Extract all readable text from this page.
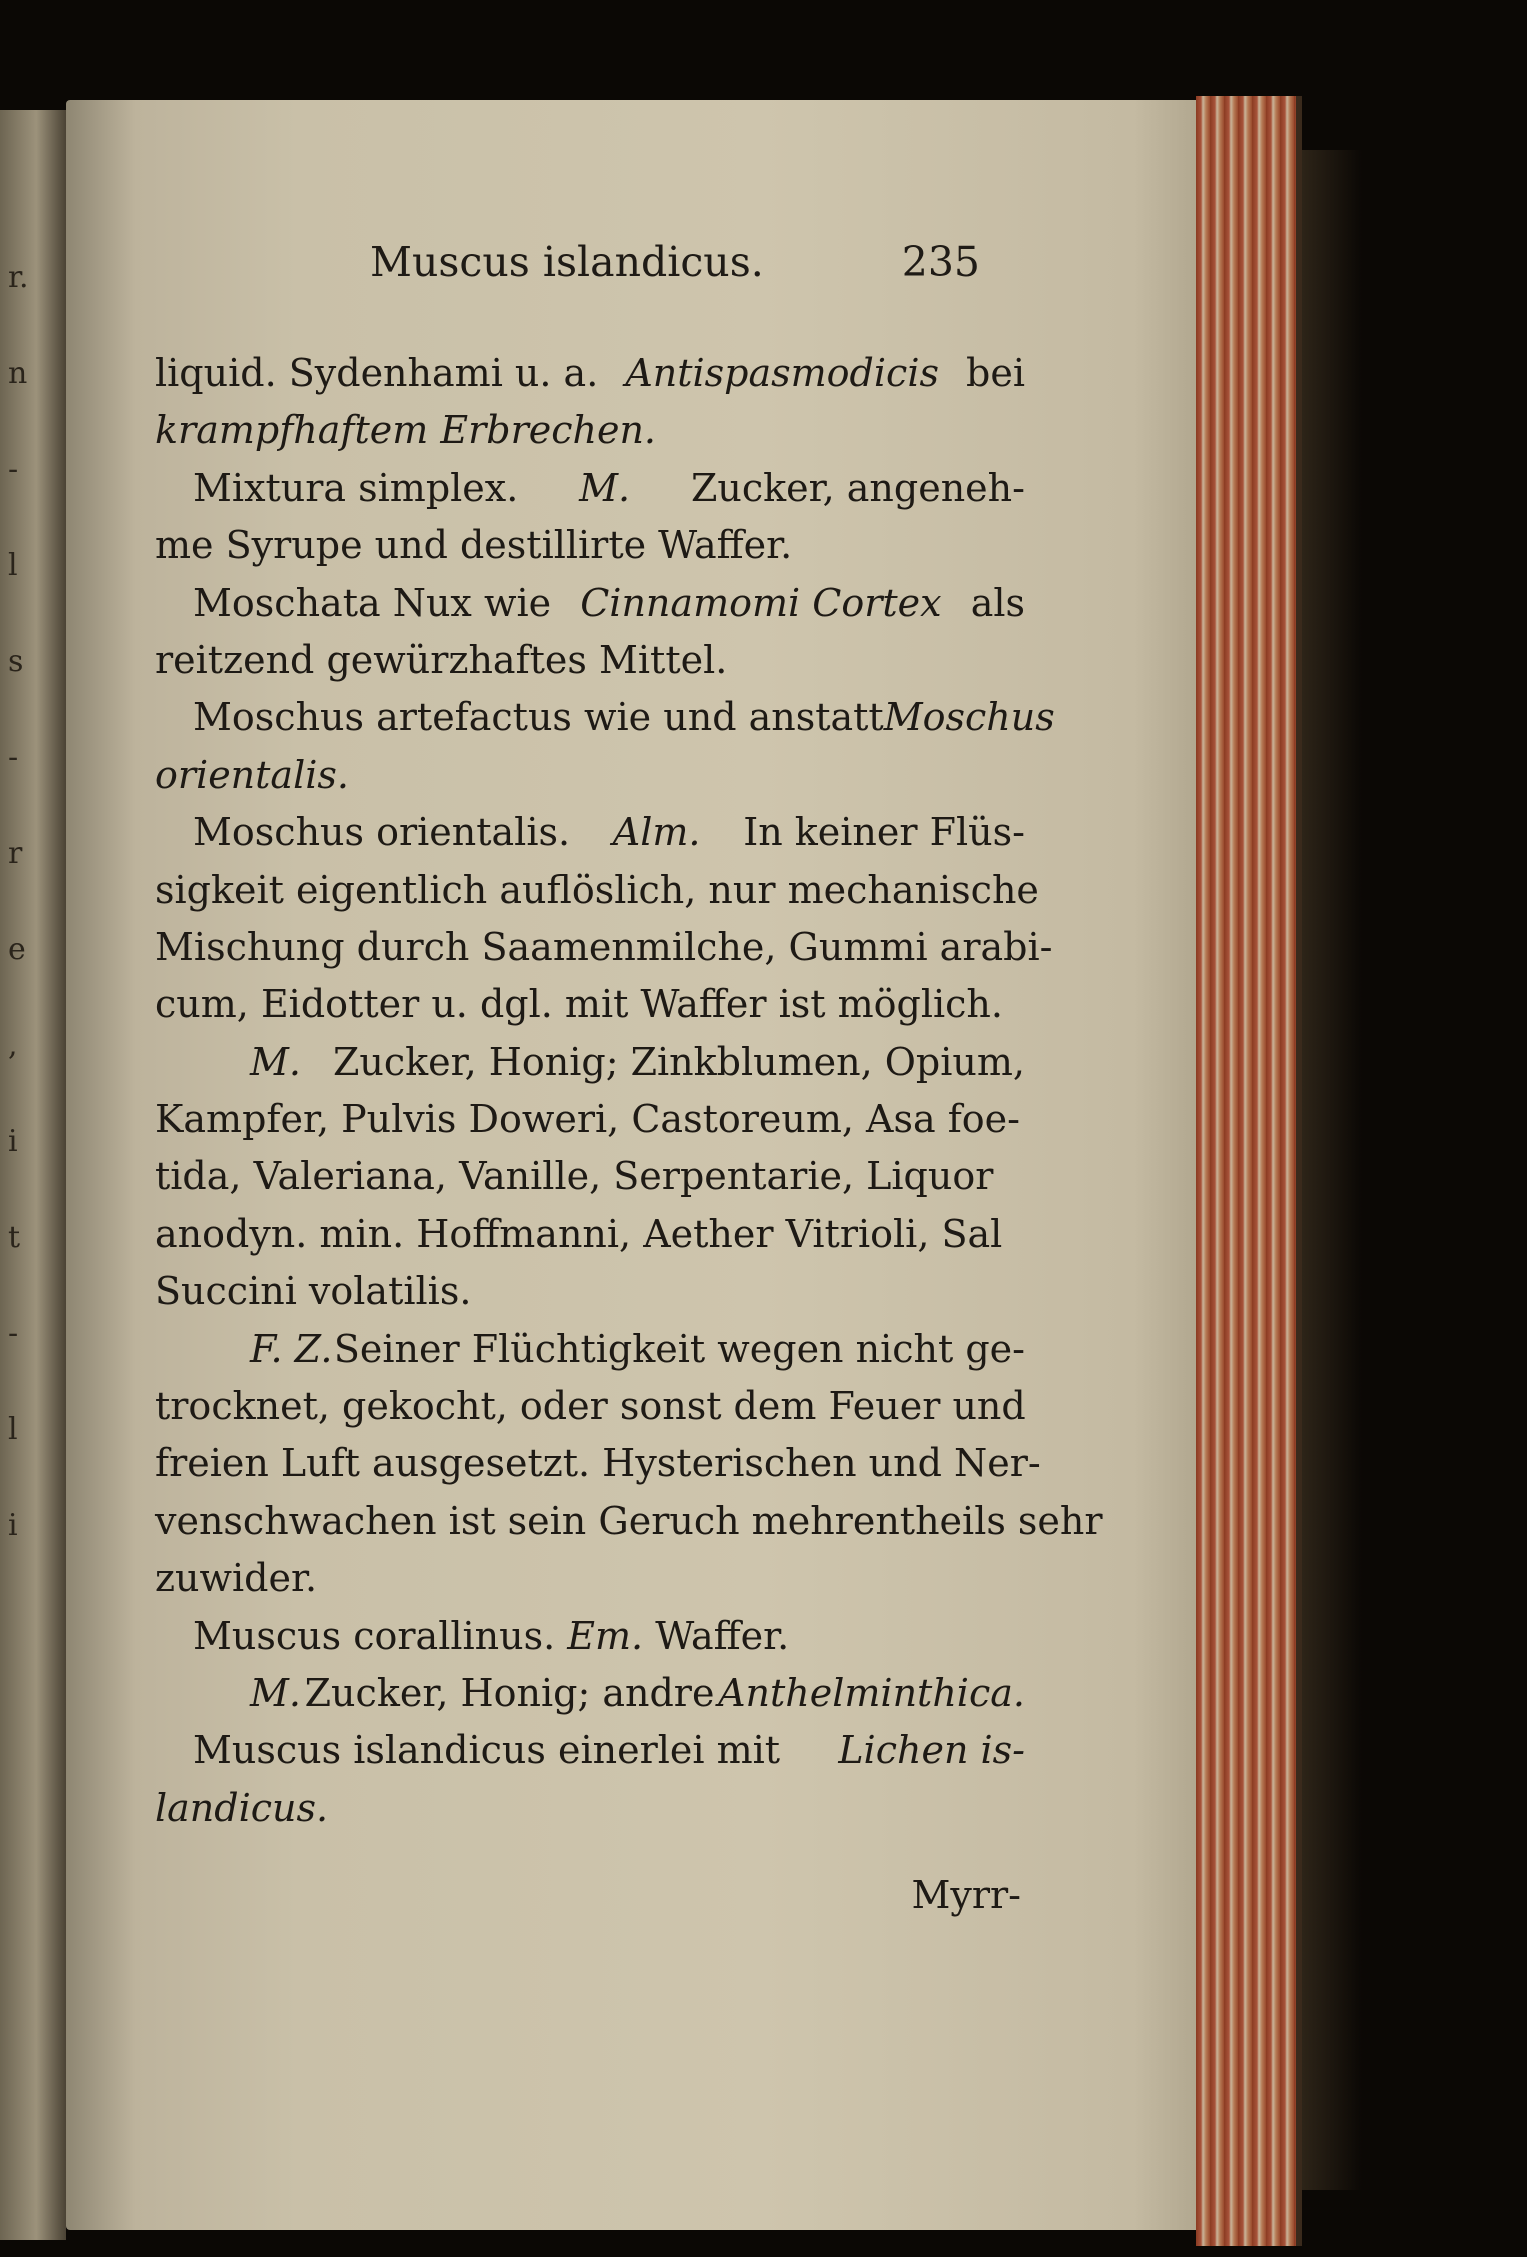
r.
n
-
l
s
-
r
e
,
i
t
-
l
i
Muscus islandicus.	235
liquid. Sydenhami u. a. Antispasmodicis bei
krampfhaftem Erbrechen.
Mixtura simplex. M. Zucker, angeneh-
me Syrupe und destillirte Waffer.
Moschata Nux wie Cinnamomi Cortex als
reitzend gewürzhaftes Mittel.
Moschus artefactus wie und anstatt Moschus
orientalis.
Moschus orientalis. Alm. In keiner Flüs-
sigkeit eigentlich auflöslich, nur mechanische
Mischung durch Saamenmilche, Gummi arabi-
cum, Eidotter u. dgl. mit Waffer ist möglich.
M. Zucker, Honig; Zinkblumen, Opium,
Kampfer, Pulvis Doweri, Castoreum, Asa foe-
tida, Valeriana, Vanille, Serpentarie, Liquor
anodyn. min. Hoffmanni, Aether Vitrioli, Sal
Succini volatilis.
F. Z. Seiner Flüchtigkeit wegen nicht ge-
trocknet, gekocht, oder sonst dem Feuer und
freien Luft ausgesetzt. Hysterischen und Ner-
venschwachen ist sein Geruch mehrentheils sehr
zuwider.
Muscus corallinus. Em. Waffer.
M. Zucker, Honig; andre Anthelminthica.
Muscus islandicus einerlei mit Lichen is-
landicus.
Myrr-
